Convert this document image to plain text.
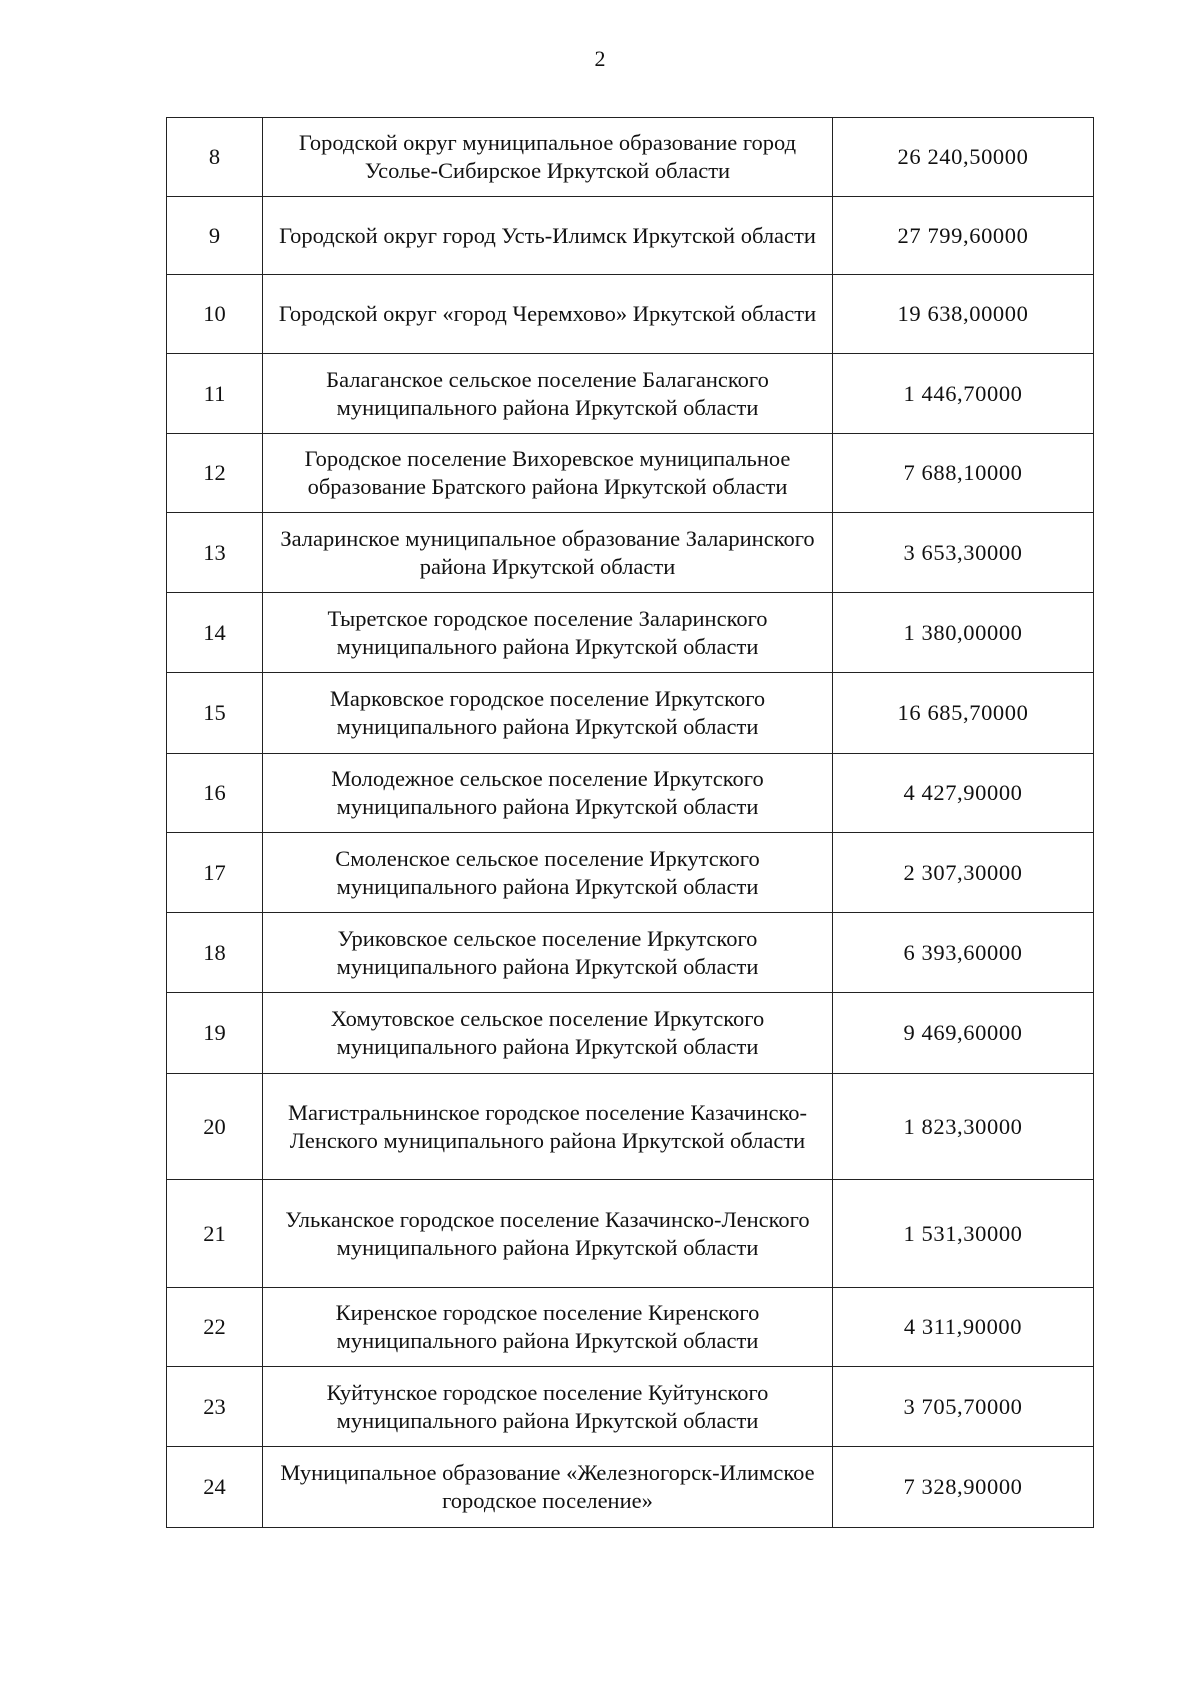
2
8	Городской округ муниципальное образование город Усолье-Сибирское Иркутской области	26 240,50000
9	Городской округ город Усть-Илимск Иркутской области	27 799,60000
10	Городской округ «город Черемхово» Иркутской области	19 638,00000
11	Балаганское сельское поселение Балаганского муниципального района Иркутской области	1 446,70000
12	Городское поселение Вихоревское муниципальное образование Братского района Иркутской области	7 688,10000
13	Заларинское муниципальное образование Заларинского района Иркутской области	3 653,30000
14	Тыретское городское поселение Заларинского муниципального района Иркутской области	1 380,00000
15	Марковское городское поселение Иркутского муниципального района Иркутской области	16 685,70000
16	Молодежное сельское поселение Иркутского муниципального района Иркутской области	4 427,90000
17	Смоленское сельское поселение Иркутского муниципального района Иркутской области	2 307,30000
18	Уриковское сельское поселение Иркутского муниципального района Иркутской области	6 393,60000
19	Хомутовское сельское поселение Иркутского муниципального района Иркутской области	9 469,60000
20	Магистральнинское городское поселение Казачинско-Ленского муниципального района Иркутской области	1 823,30000
21	Ульканское городское поселение Казачинско-Ленского муниципального района Иркутской области	1 531,30000
22	Киренское городское поселение Киренского муниципального района Иркутской области	4 311,90000
23	Куйтунское городское поселение Куйтунского муниципального района Иркутской области	3 705,70000
24	Муниципальное образование «Железногорск-Илимское городское поселение»	7 328,90000
